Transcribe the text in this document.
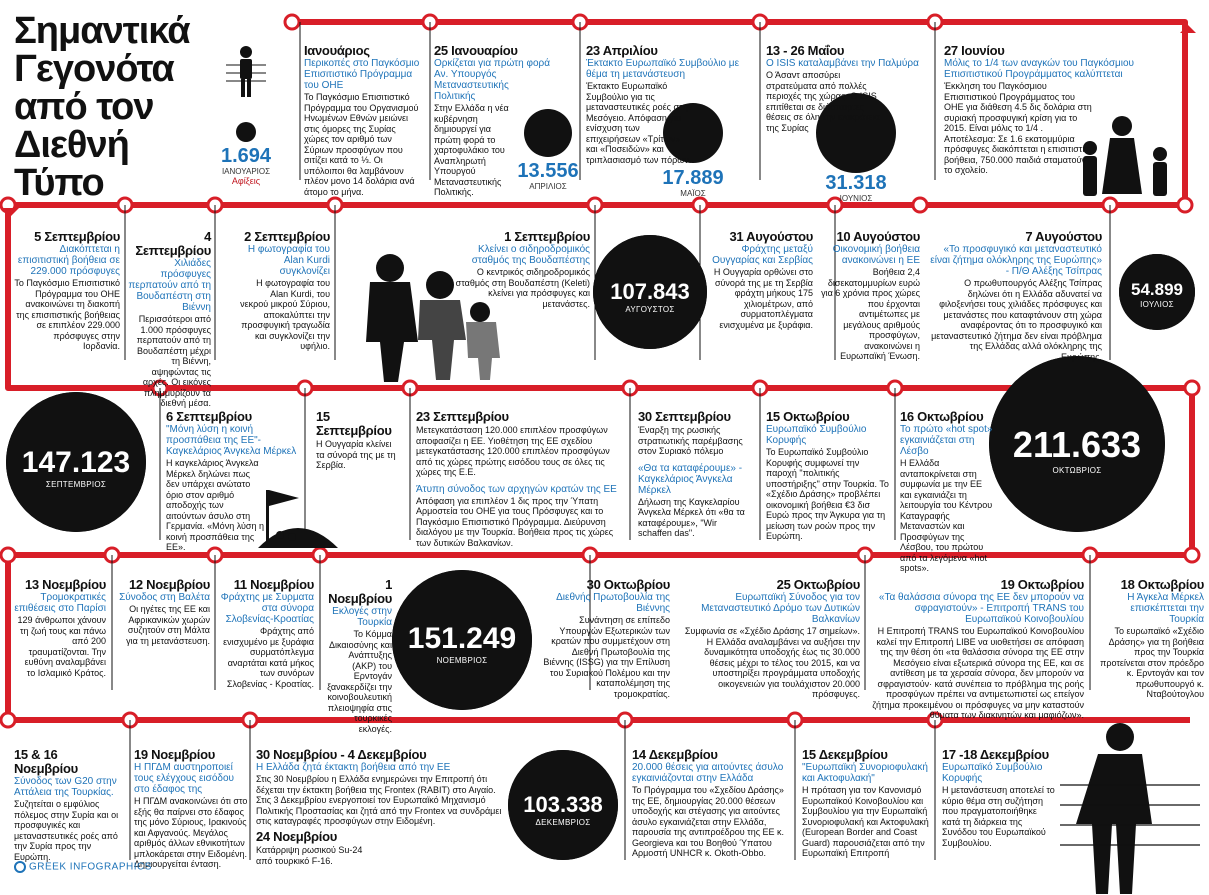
Σημαντικά Γεγονότα από τον Διεθνή Τύπο
1.694
ΙΑΝΟΥΑΡΙΟΣ
Αφίξεις	13.556
ΑΠΡΙΛΙΟΣ	17.889
ΜΑΪΟΣ	31.318
ΙΟΥΝΙΟΣ
54.899
ΙΟΥΛΙΟΣ
107.843
ΑΥΓΟΥΣΤΟΣ
147.123
ΣΕΠΤΕΜΒΡΙΟΣ
211.633
ΟΚΤΩΒΡΙΟΣ
151.249
ΝΟΕΜΒΡΙΟΣ
103.338
ΔΕΚΕΜΒΡΙΟΣ
Ιανουάριος
Περικοπές στο Παγκόσμιο Επισιτιστικό Πρόγραμμα του ΟΗΕ
Το Παγκόσμιο Επισιτιστικό Πρόγραμμα του Οργανισμού Ηνωμένων Εθνών μειώνει στις όμορες της Συρίας χώρες τον αριθμό των Σύριων προσφύγων που σιτίζει κατά το ⅓. Οι υπόλοιποι θα λαμβάνουν πλέον μονο 14 δολάρια ανά άτομο το μήνα.
25 Ιανουαρίου
Ορκίζεται για πρώτη φορά Αν. Υπουργός Μεταναστευτικής Πολιτικής
Στην Ελλάδα η νέα κυβέρνηση δημιουργεί για πρώτη φορά το χαρτοφυλάκιο του Αναπληρωτή Υπουργού Μεταναστευτικής Πολιτικής.
23 Απριλίου
Έκτακτο Ευρωπαϊκό Συμβούλιο με θέμα τη μετανάστευση
Έκτακτο Ευρωπαϊκό Συμβούλιο για τις μεταναστευτικές ροές στην Μεσόγειο. Απόφαση για ενίσχυση των επιχειρήσεων «Τρίτων» και «Ποσειδών» και τριπλασιασμό των πόρων.
13 - 26 Μαΐου
Ο ISIS καταλαμβάνει την Παλμύρα
Ο Άσαντ αποσύρει στρατεύματα από πολλές περιοχές της χώρας. Ο ISIS επιτίθεται σε διάσπαρτες θέσεις σε όλη την επικράτεια της Συρίας
27 Ιουνίου
Μόλις το 1/4 των αναγκών του Παγκόσμιου Επισιτιστικού Προγράμματος καλύπτεται
Έκκληση του Παγκόσμιου Επισιτιστικού Προγράμματος του ΟΗΕ για διάθεση 4.5 δις δολάρια στη συριακή προσφυγική κρίση για το 2015. Είναι μόλις το 1/4 . Αποτέλεσμα: Σε 1.6 εκατομμύρια πρόσφυγες διακόπτεται η επισιτιστική βοήθεια, 750.000 παιδιά σταματούν το σχολείο.
5 Σεπτεμβρίου
Διακόπτεται η επισιτιστική βοήθεια σε 229.000 πρόσφυγες
Το Παγκόσμιο Επισιτιστικό Πρόγραμμα του ΟΗΕ ανακοινώνει τη διακοπή της επισιτιστικής βοήθειας σε επιπλέον 229.000 πρόσφυγες στην Ιορδανία.
4 Σεπτεμβρίου
Χιλιάδες πρόσφυγες περπατούν από τη Βουδαπέστη στη Βιέννη
Περισσότεροι από 1.000 πρόσφυγες περπατούν από τη Βουδαπέστη μέχρι τη Βιέννη, αψηφώντας τις αρχές. Οι εικόνες πλημμυρίζουν τα διεθνή μέσα.
2 Σεπτεμβρίου
Η φωτογραφία του Alan Kurdi συγκλονίζει
Η φωτογραφία του Alan Kurdi, του νεκρού μικρού Σύριου, αποκαλύπτει την προσφυγική τραγωδία και συγκλονίζει την υφήλιο.
1 Σεπτεμβρίου
Κλείνει ο σιδηροδρομικός σταθμός της Βουδαπέστης
Ο κεντρικός σιδηροδρομικός σταθμός στη Βουδαπέστη (Keleti) κλείνει για πρόσφυγες και μετανάστες.
31 Αυγούστου
Φράχτης μεταξύ Ουγγαρίας και Σερβίας
Η Ουγγαρία ορθώνει στο σύνορά της με τη Σερβία φράχτη μήκους 175 χιλιομέτρων, από συρματοπλέγματα ενισχυμένα με ξυράφια.
10 Αυγούστου
Οικονομική βοήθεια ανακοινώνει η ΕΕ
Βοήθεια 2,4 δισεκατομμυρίων ευρώ για 6 χρόνια προς χώρες που έρχονται αντιμέτωπες με μεγάλους αριθμούς προσφύγων, ανακοινώνει η Ευρωπαϊκή Ένωση.
7 Αυγούστου
«Το προσφυγικό και μεταναστευτικό είναι ζήτημα ολόκληρης της Ευρώπης» - Π/Θ Αλέξης Τσίπρας
Ο πρωθυπουργός Αλέξης Τσίπρας δηλώνει ότι η Ελλάδα αδυνατεί να φιλοξενήσει τους χιλιάδες πρόσφυγες και μετανάστες που καταφτάνουν στη χώρα αναφέροντας ότι το προσφυγικό και μεταναστευτικό ζήτημα δεν είναι πρόβλημα της Ελλάδας αλλά ολόκληρης της Ευρώπης.
6 Σεπτεμβρίου
"Μόνη λύση η κοινή προσπάθεια της ΕΕ"- Καγκελάριος Άνγκελα Μέρκελ
Η καγκελάριος Άνγκελα Μέρκελ δηλώνει πως δεν υπάρχει ανώτατο όριο στον αριθμό αποδοχής των αιτούντων άσυλο στη Γερμανία. «Μόνη λύση η κοινή προσπάθεια της ΕΕ».
15 Σεπτεμβρίου
Η Ουγγαρία κλείνει τα σύνορά της με τη Σερβία.
23 Σεπτεμβρίου
Μετεγκατάσταση 120.000 επιπλέον προσφύγων αποφασίζει η ΕΕ. Υιοθέτηση της ΕΕ σχεδίου μετεγκατάστασης 120.000 επιπλέον προσφύγων από τις χώρες πρώτης εισόδου τους σε όλες τις χώρες της Ε.Ε.
Άτυπη σύνοδος των αρχηγών κρατών της ΕΕ
Απόφαση για επιπλέον 1 δις προς την Ύπατη Αρμοστεία του ΟΗΕ για τους Πρόσφυγες και το Παγκόσμιο Επισιτιστικό Πρόγραμμα. Διεύρυνση διαλόγου με την Τουρκία. Βοήθεια προς τις χώρες των δυτικών Βαλκανίων.
30 Σεπτεμβρίου
Έναρξη της ρωσικής στρατιωτικής παρέμβασης στον Συριακό πόλεμο
«Θα τα καταφέρουμε» - Καγκελάριος Άνγκελα Μέρκελ
Δήλωση της Καγκελαρίου Άνγκελα Μέρκελ ότι «θα τα καταφέρουμε», "Wir schaffen das".
15 Οκτωβρίου
Ευρωπαϊκό Συμβούλιο Κορυφής
Το Ευρωπαϊκό Συμβούλιο Κορυφής συμφωνεί την παροχή "πολιτικής υποστήριξης" στην Τουρκία. Το «Σχέδιο Δράσης» προβλέπει οικονομική βοήθεια €3 δισ Ευρώ προς την Άγκυρα για τη μείωση των ροών προς την Ευρώπη.
16 Οκτωβρίου
Το πρώτο «hot spot» εγκαινιάζεται στη Λέσβο
Η Ελλάδα ανταποκρίνεται στη συμφωνία με την ΕΕ και εγκαινιάζει τη λειτουργία του Κέντρου Καταγραφής Μεταναστών και Προσφύγων της Λέσβου, του πρώτου από τα λεγόμενα «hot spots».
13 Νοεμβρίου
Τρομοκρατικές επιθέσεις στο Παρίσι
129 άνθρωποι χάνουν τη ζωή τους και πάνω από 200 τραυματίζονται. Την ευθύνη αναλαμβάνει το Ισλαμικό Κράτος.
12 Νοεμβρίου
Σύνοδος στη Βαλέτα
Οι ηγέτες της ΕΕ και Αφρικανικών χωρών συζητούν στη Μάλτα για τη μετανάστευση.
11 Νοεμβρίου
Φράχτης με Συρματα στα σύνορα Σλοβενίας-Κροατίας
Φράχτης από ενισχυμένο με ξυράφια συρματόπλεγμα αναρτάται κατά μήκος των συνόρων Σλοβενίας - Κροατίας.
1 Νοεμβρίου
Εκλογές στην Τουρκία
Το Κόμμα Δικαιοσύνης και Ανάπτυξης (ΑΚΡ) του Ερντογάν ξανακερδίζει την κοινοβουλευτική πλειοψηφία στις τουρκικές εκλογές.
30 Οκτωβρίου
Διεθνής Πρωτοβουλία της Βιέννης
Συνάντηση σε επίπεδο Υπουργών Εξωτερικών των κρατών που συμμετέχουν στη Διεθνή Πρωτοβουλία της Βιέννης (ISSG) για την Επίλυση του Συριακού Πολέμου και την καταπολέμηση της τρομοκρατίας.
25 Οκτωβρίου
Ευρωπαϊκή Σύνοδος για τον Μεταναστευτικό Δρόμο των Δυτικών Βαλκανίων
Συμφωνία σε «Σχέδιο Δράσης 17 σημείων». Η Ελλάδα αναλαμβάνει να αυξήσει την δυναμικότητα υποδοχής έως τις 30.000 θέσεις μέχρι το τέλος του 2015, και να υποστηρίξει προγράμματα υποδοχής οικογενειών για τουλάχιστον 20.000 πρόσφυγες.
19 Οκτωβρίου
«Τα θαλάσσια σύνορα της ΕΕ δεν μπορούν να σφραγιστούν» - Επιτροπή TRANS του Ευρωπαϊκού Κοινοβουλίου
Η Επιτροπή TRANS του Ευρωπαϊκού Κοινοβουλίου καλεί την Επιτροπή LIBE να υιοθετήσει σε απόφαση της την θέση ότι «τα θαλάσσια σύνορα της ΕΕ στην Μεσόγειο είναι εξωτερικά σύνορα της ΕΕ, και σε αντίθεση με τα χερσαία σύνορα, δεν μπορούν να σφραγιστούν· κατά συνέπεια το πρόβλημα της ροής προσφύγων πρέπει να αντιμετωπιστεί ως επείγον ζήτημα προκειμένου οι πρόσφυγες να μην καταστούν θύματα των διακινητών και μαφιόζων».
18 Οκτωβρίου
Η Άγκελα Μέρκελ επισκέπτεται την Τουρκία
Το ευρωπαϊκό «Σχέδιο Δράσης» για τη βοήθεια προς την Τουρκία προτείνεται στον πρόεδρο κ. Ερντογάν και τον πρωθυπουργό κ. Νταβούτογλου
15 & 16 Νοεμβρίου
Σύνοδος των G20 στην Αττάλεια της Τουρκίας.
Συζητείται ο εμφύλιος πόλεμος στην Συρία και οι προσφυγικές και μεταναστευτικές ροές από την Συρία προς την Ευρώπη.
19 Νοεμβρίου
Η ΠΓΔΜ αυστηροποιεί τους ελέγχους εισόδου στο έδαφος της
Η ΠΓΔΜ ανακοινώνει ότι στο εξής θα παίρνει στο έδαφος της μόνο Σύριους, Ιρακινούς και Αφγανούς. Μεγάλος αριθμός άλλων εθνικοτήτων μπλοκάρεται στην Ειδομένη. Δημιουργείται ένταση.
30 Νοεμβρίου - 4 Δεκεμβρίου
Η Ελλάδα ζητά έκτακτη βοήθεια από την ΕΕ
Στις 30 Νοεμβρίου η Ελλάδα ενημερώνει την Επιτροπή ότι δέχεται την έκτακτη βοήθεια της Frontex (RABIT) στο Αιγαίο. Στις 3 Δεκεμβρίου ενεργοποιεί τον Ευρωπαϊκό Μηχανισμό Πολιτικής Προστασίας και ζητά από την Frontex να συνδράμει στις καταγραφές προσφύγων στην Ειδομένη.
24 Νοεμβρίου
Κατάρριψη ρωσικού Su-24 από τουρκικό F-16.
14 Δεκεμβρίου
20.000 θέσεις για αιτούντες άσυλο εγκαινιάζονται στην Ελλάδα
Το Πρόγραμμα του «Σχεδίου Δράσης» της ΕΕ, δημιουργίας 20.000 θέσεων υποδοχής και στέγασης για αιτούντες άσυλο εγκαινιάζεται στην Ελλάδα, παρουσία της αντιπροέδρου της ΕΕ κ. Georgieva και του Βοηθού Ύπατου Αρμοστή UNHCR κ. Okoth-Obbo.
15 Δεκεμβρίου
"Ευρωπαϊκή Συνοριοφυλακή και Ακτοφυλακή"
Η πρόταση για τον Κανονισμό Ευρωπαϊκού Κοινοβουλίου και Συμβουλίου για την Ευρωπαϊκή Συνοριοφυλακή και Ακτοφυλακή (European Border and Coast Guard) παρουσιάζεται από την Ευρωπαϊκή Επιτροπή
17 -18 Δεκεμβρίου
Ευρωπαϊκό Συμβούλιο Κορυφής
Η μετανάστευση αποτελεί το κύριο θέμα στη συζήτηση που πραγματοποιήθηκε κατά τη διάρκεια της Συνόδου του Ευρωπαϊκού Συμβουλίου.
GREEK INFOGRAPHICS
